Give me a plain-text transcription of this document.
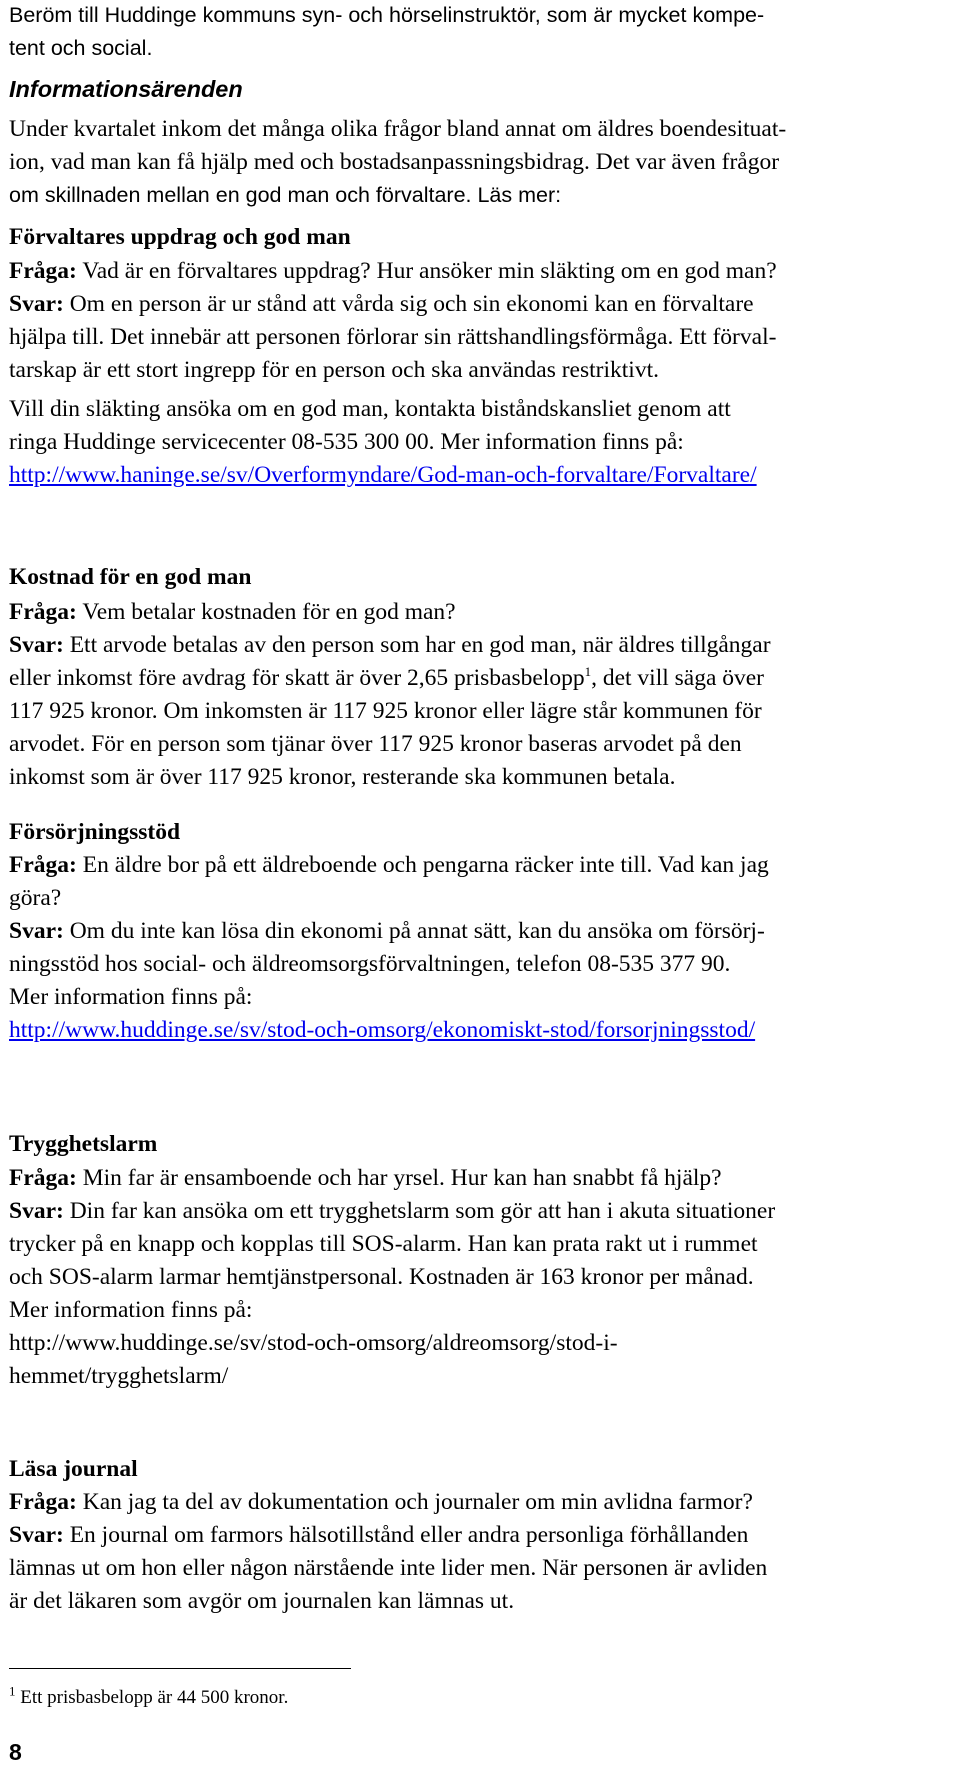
Beröm till Huddinge kommuns syn- och hörselinstruktör, som är mycket kompe-
tent och social.
Informationsärenden
Under kvartalet inkom det många olika frågor bland annat om äldres boendesituat-
ion, vad man kan få hjälp med och bostadsanpassningsbidrag. Det var även frågor
om skillnaden mellan en god man och förvaltare. Läs mer:
Förvaltares uppdrag och god man
Fråga: Vad är en förvaltares uppdrag? Hur ansöker min släkting om en god man?
Svar: Om en person är ur stånd att vårda sig och sin ekonomi kan en förvaltare
hjälpa till. Det innebär att personen förlorar sin rättshandlingsförmåga. Ett förval-
tarskap är ett stort ingrepp för en person och ska användas restriktivt.
Vill din släkting ansöka om en god man, kontakta biståndskansliet genom att
ringa Huddinge servicecenter 08-535 300 00. Mer information finns på:
http://www.haninge.se/sv/Overformyndare/God-man-och-forvaltare/Forvaltare/
Kostnad för en god man
Fråga: Vem betalar kostnaden för en god man?
Svar: Ett arvode betalas av den person som har en god man, när äldres tillgångar
eller inkomst före avdrag för skatt är över 2,65 prisbasbelopp$^1$, det vill säga över
117 925 kronor. Om inkomsten är 117 925 kronor eller lägre står kommunen för
arvodet. För en person som tjänar över 117 925 kronor baseras arvodet på den
inkomst som är över 117 925 kronor, resterande ska kommunen betala.
Försörjningsstöd
Fråga: En äldre bor på ett äldreboende och pengarna räcker inte till. Vad kan jag
göra?
Svar: Om du inte kan lösa din ekonomi på annat sätt, kan du ansöka om försörj-
ningsstöd hos social- och äldreomsorgsförvaltningen, telefon 08-535 377 90.
Mer information finns på:
http://www.huddinge.se/sv/stod-och-omsorg/ekonomiskt-stod/forsorjningsstod/
Trygghetslarm
Fråga: Min far är ensamboende och har yrsel. Hur kan han snabbt få hjälp?
Svar: Din far kan ansöka om ett trygghetslarm som gör att han i akuta situationer
trycker på en knapp och kopplas till SOS-alarm. Han kan prata rakt ut i rummet
och SOS-alarm larmar hemtjänstpersonal. Kostnaden är 163 kronor per månad.
Mer information finns på:
http://www.huddinge.se/sv/stod-och-omsorg/aldreomsorg/stod-i-
hemmet/trygghetslarm/
Läsa journal
Fråga: Kan jag ta del av dokumentation och journaler om min avlidna farmor?
Svar: En journal om farmors hälsotillstånd eller andra personliga förhållanden
lämnas ut om hon eller någon närstående inte lider men. När personen är avliden
är det läkaren som avgör om journalen kan lämnas ut.
$^1$ Ett prisbasbelopp är 44 500 kronor.
8
